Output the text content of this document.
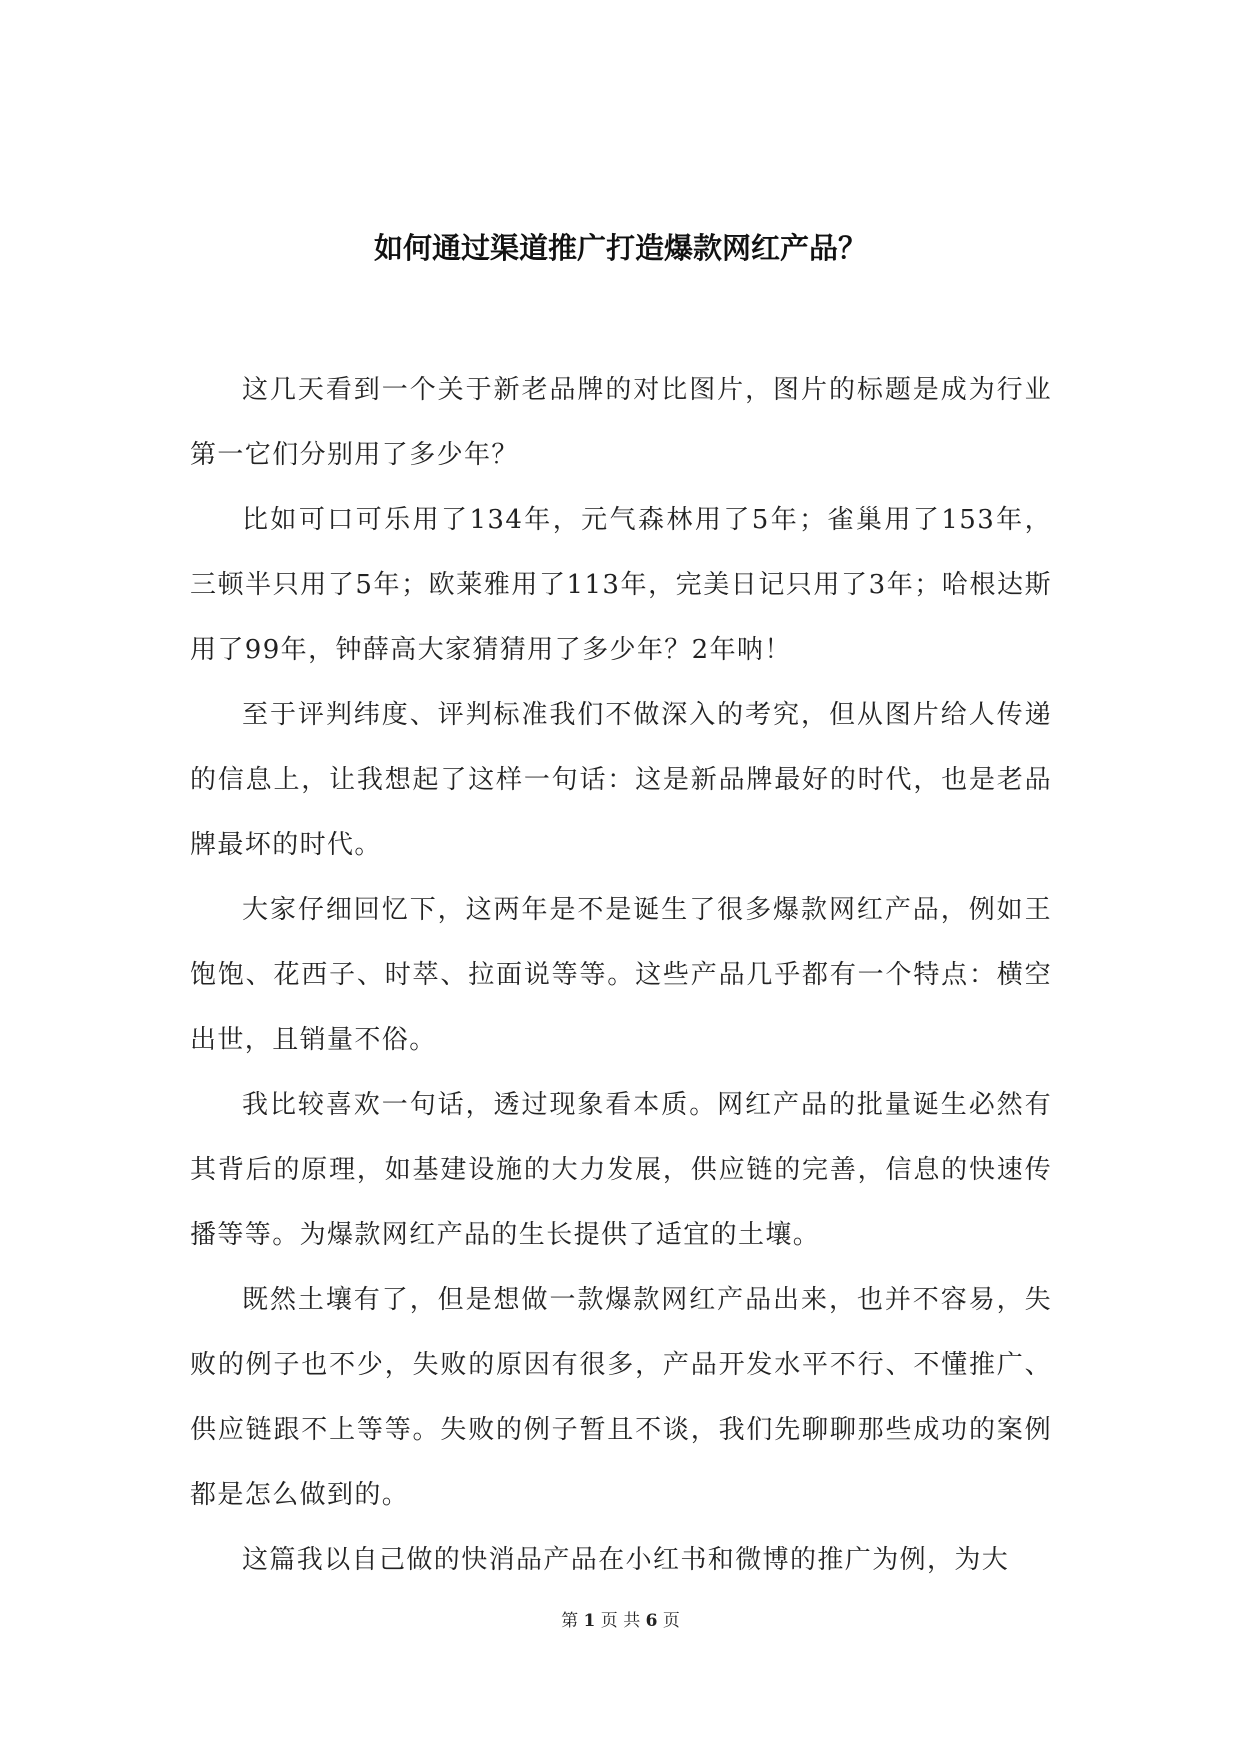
如何通过渠道推广打造爆款网红产品？

这几天看到一个关于新老品牌的对比图片，图片的标题是成为行业第一它们分别用了多少年？

比如可口可乐用了134年，元气森林用了5年；雀巢用了153年，三顿半只用了5年；欧莱雅用了113年，完美日记只用了3年；哈根达斯用了99年，钟薛高大家猜猜用了多少年？2年呐！

至于评判纬度、评判标准我们不做深入的考究，但从图片给人传递的信息上，让我想起了这样一句话：这是新品牌最好的时代，也是老品牌最坏的时代。

大家仔细回忆下，这两年是不是诞生了很多爆款网红产品，例如王饱饱、花西子、时萃、拉面说等等。这些产品几乎都有一个特点：横空出世，且销量不俗。

我比较喜欢一句话，透过现象看本质。网红产品的批量诞生必然有其背后的原理，如基建设施的大力发展，供应链的完善，信息的快速传播等等。为爆款网红产品的生长提供了适宜的土壤。

既然土壤有了，但是想做一款爆款网红产品出来，也并不容易，失败的例子也不少，失败的原因有很多，产品开发水平不行、不懂推广、供应链跟不上等等。失败的例子暂且不谈，我们先聊聊那些成功的案例都是怎么做到的。

这篇我以自己做的快消品产品在小红书和微博的推广为例，为大

第 1 页 共 6 页
